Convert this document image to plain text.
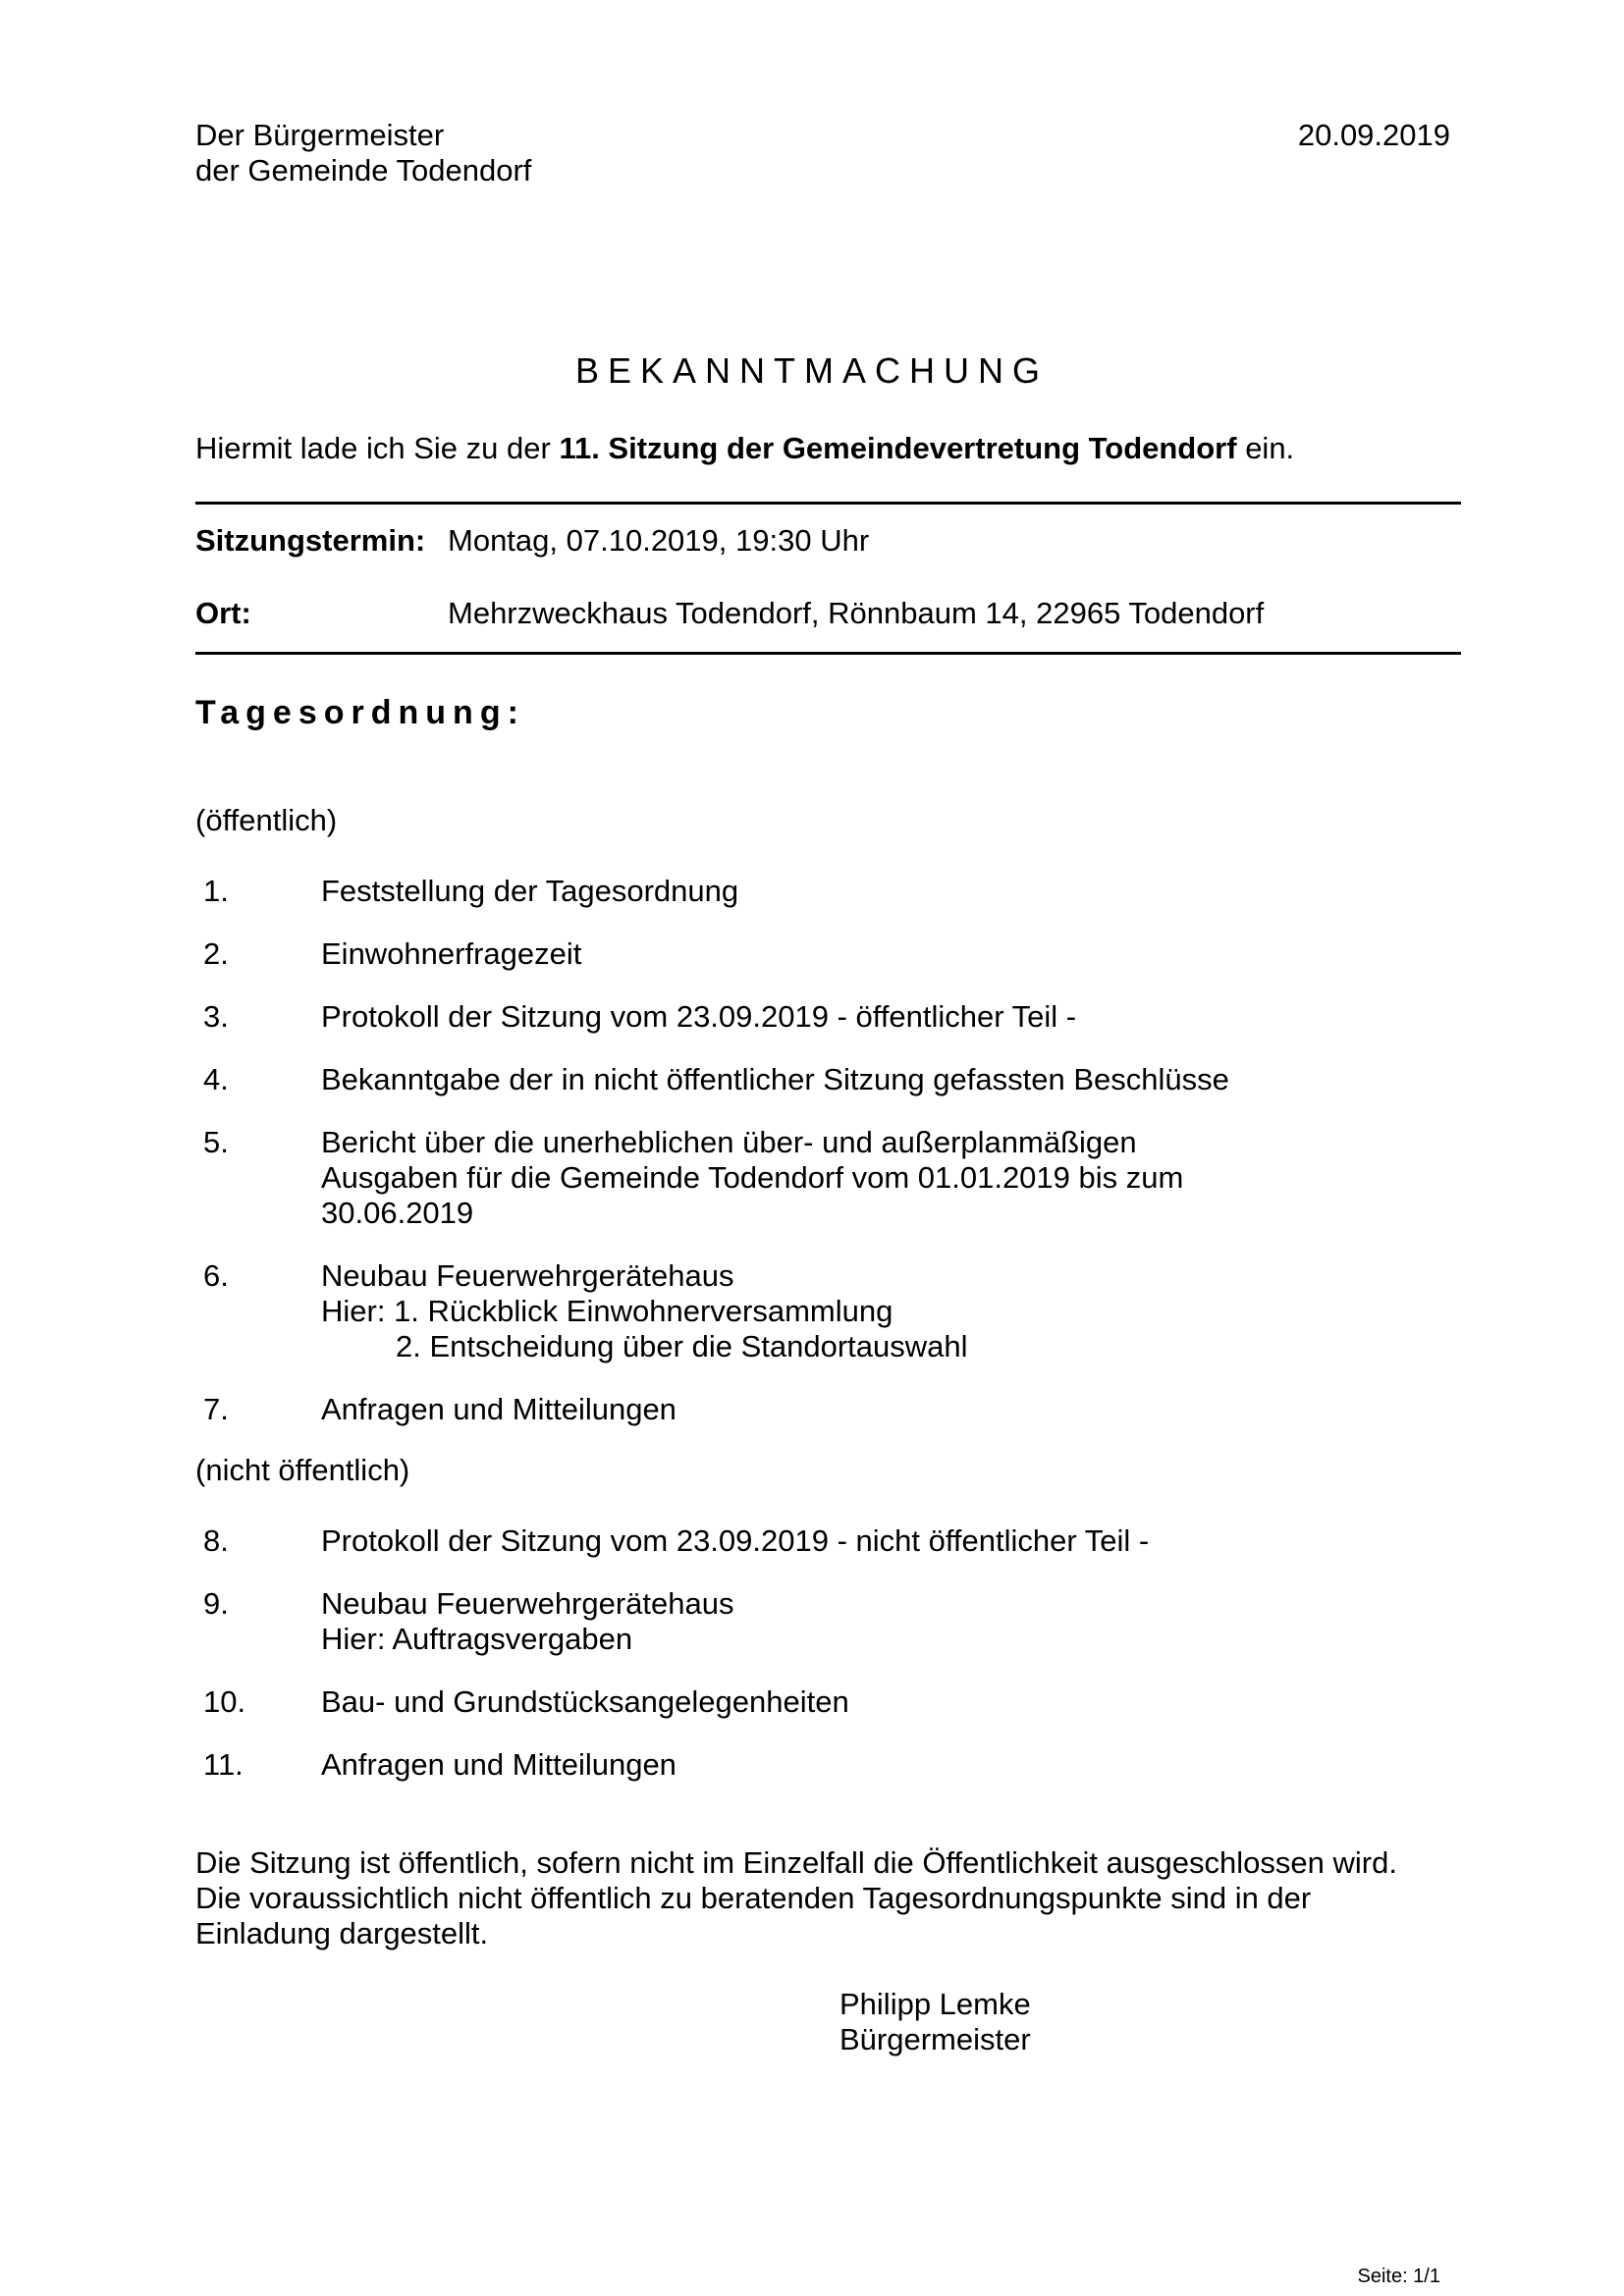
Der Bürgermeister
der Gemeinde Todendorf
20.09.2019
BEKANNTMACHUNG
Hiermit lade ich Sie zu der 11. Sitzung der Gemeindevertretung Todendorf ein.
Sitzungstermin: Montag, 07.10.2019, 19:30 Uhr
Ort:	Mehrzweckhaus Todendorf, Rönnbaum 14, 22965 Todendorf
Tagesordnung:
(öffentlich)
1.	Feststellung der Tagesordnung
2.	Einwohnerfragezeit
3.	Protokoll der Sitzung vom 23.09.2019 - öffentlicher Teil -
4.	Bekanntgabe der in nicht öffentlicher Sitzung gefassten Beschlüsse
5.	Bericht über die unerheblichen über- und außerplanmäßigen
Ausgaben für die Gemeinde Todendorf vom 01.01.2019 bis zum
30.06.2019
6.	Neubau Feuerwehrgerätehaus
Hier: 1. Rückblick Einwohnerversammlung
2. Entscheidung über die Standortauswahl
7.	Anfragen und Mitteilungen
(nicht öffentlich)
8.	Protokoll der Sitzung vom 23.09.2019 - nicht öffentlicher Teil -
9.	Neubau Feuerwehrgerätehaus
Hier: Auftragsvergaben
10.	Bau- und Grundstücksangelegenheiten
11.	Anfragen und Mitteilungen
Die Sitzung ist öffentlich, sofern nicht im Einzelfall die Öffentlichkeit ausgeschlossen wird.
Die voraussichtlich nicht öffentlich zu beratenden Tagesordnungspunkte sind in der
Einladung dargestellt.
Philipp Lemke
Bürgermeister
Seite: 1/1
